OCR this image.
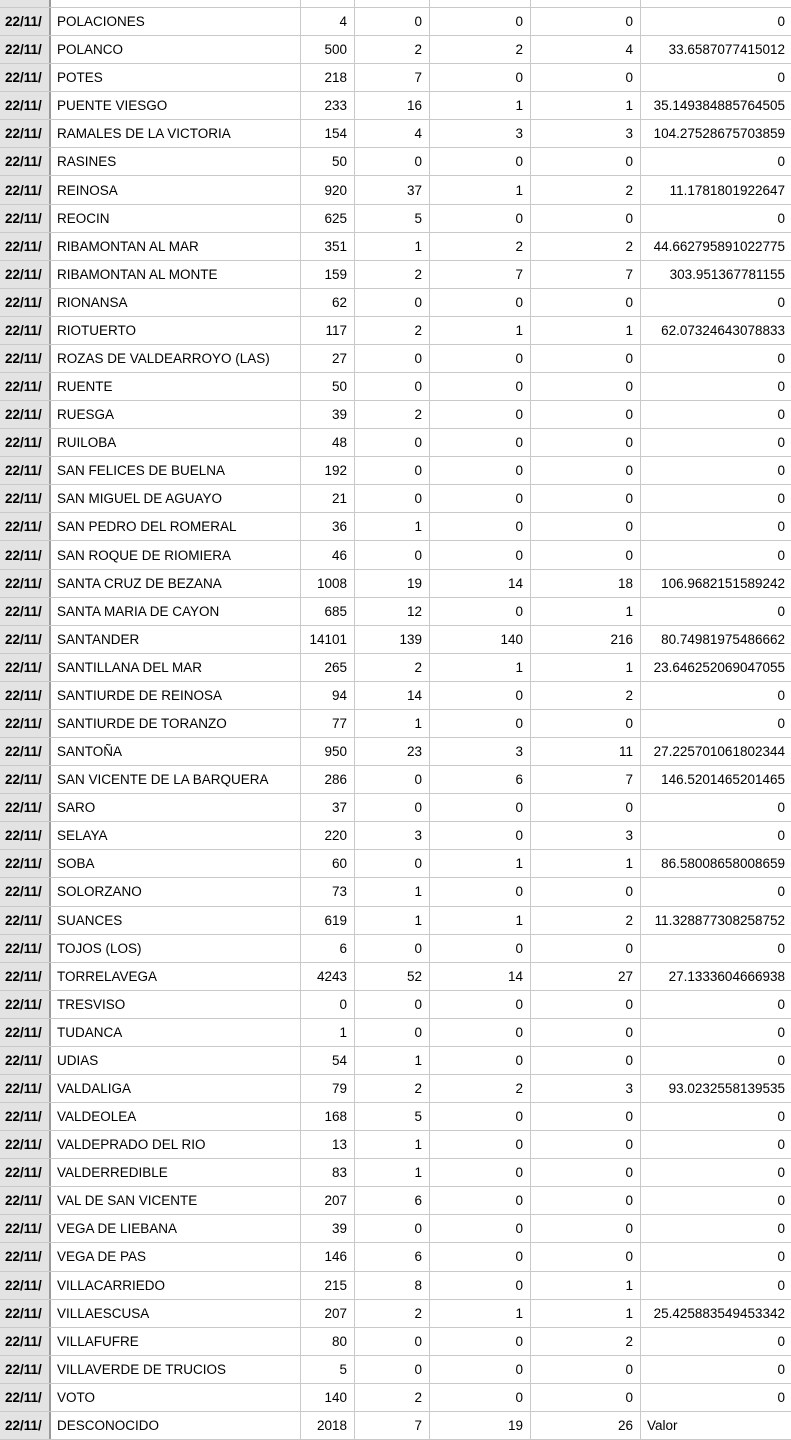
22/11/	POLACIONES	4	0	0	0	0
22/11/	POLANCO	500	2	2	4	33.6587077415012
22/11/	POTES	218	7	0	0	0
22/11/	PUENTE VIESGO	233	16	1	1	35.149384885764505
22/11/	RAMALES DE LA VICTORIA	154	4	3	3	104.27528675703859
22/11/	RASINES	50	0	0	0	0
22/11/	REINOSA	920	37	1	2	11.1781801922647
22/11/	REOCIN	625	5	0	0	0
22/11/	RIBAMONTAN AL MAR	351	1	2	2	44.662795891022775
22/11/	RIBAMONTAN AL MONTE	159	2	7	7	303.951367781155
22/11/	RIONANSA	62	0	0	0	0
22/11/	RIOTUERTO	117	2	1	1	62.07324643078833
22/11/	ROZAS DE VALDEARROYO (LAS)	27	0	0	0	0
22/11/	RUENTE	50	0	0	0	0
22/11/	RUESGA	39	2	0	0	0
22/11/	RUILOBA	48	0	0	0	0
22/11/	SAN FELICES DE BUELNA	192	0	0	0	0
22/11/	SAN MIGUEL DE AGUAYO	21	0	0	0	0
22/11/	SAN PEDRO DEL ROMERAL	36	1	0	0	0
22/11/	SAN ROQUE DE RIOMIERA	46	0	0	0	0
22/11/	SANTA CRUZ DE BEZANA	1008	19	14	18	106.9682151589242
22/11/	SANTA MARIA DE CAYON	685	12	0	1	0
22/11/	SANTANDER	14101	139	140	216	80.74981975486662
22/11/	SANTILLANA DEL MAR	265	2	1	1	23.646252069047055
22/11/	SANTIURDE DE REINOSA	94	14	0	2	0
22/11/	SANTIURDE DE TORANZO	77	1	0	0	0
22/11/	SANTOÑA	950	23	3	11	27.225701061802344
22/11/	SAN VICENTE DE LA BARQUERA	286	0	6	7	146.5201465201465
22/11/	SARO	37	0	0	0	0
22/11/	SELAYA	220	3	0	3	0
22/11/	SOBA	60	0	1	1	86.58008658008659
22/11/	SOLORZANO	73	1	0	0	0
22/11/	SUANCES	619	1	1	2	11.328877308258752
22/11/	TOJOS (LOS)	6	0	0	0	0
22/11/	TORRELAVEGA	4243	52	14	27	27.1333604666938
22/11/	TRESVISO	0	0	0	0	0
22/11/	TUDANCA	1	0	0	0	0
22/11/	UDIAS	54	1	0	0	0
22/11/	VALDALIGA	79	2	2	3	93.0232558139535
22/11/	VALDEOLEA	168	5	0	0	0
22/11/	VALDEPRADO DEL RIO	13	1	0	0	0
22/11/	VALDERREDIBLE	83	1	0	0	0
22/11/	VAL DE SAN VICENTE	207	6	0	0	0
22/11/	VEGA DE LIEBANA	39	0	0	0	0
22/11/	VEGA DE PAS	146	6	0	0	0
22/11/	VILLACARRIEDO	215	8	0	1	0
22/11/	VILLAESCUSA	207	2	1	1	25.425883549453342
22/11/	VILLAFUFRE	80	0	0	2	0
22/11/	VILLAVERDE DE TRUCIOS	5	0	0	0	0
22/11/	VOTO	140	2	0	0	0
22/11/	DESCONOCIDO	2018	7	19	26	Valor
